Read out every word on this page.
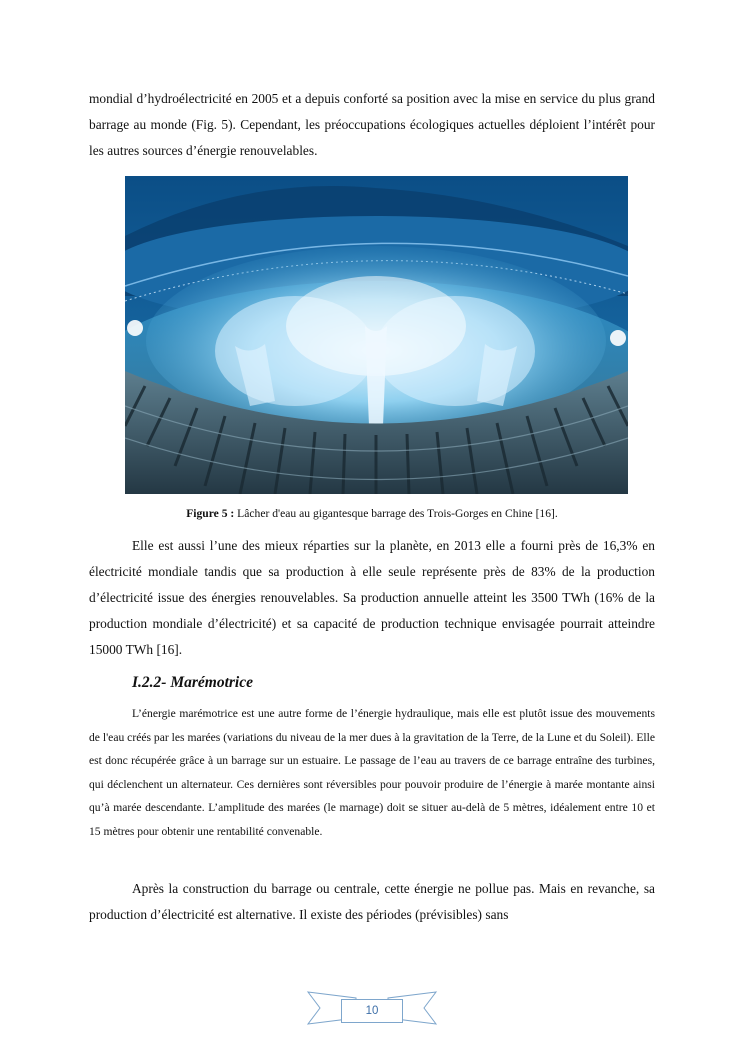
mondial d’hydroélectricité en 2005 et a depuis conforté sa position avec la mise en service du plus grand barrage au monde (Fig. 5). Cependant, les préoccupations écologiques actuelles déploient l’intérêt pour les autres sources d’énergie renouvelables.

Figure 5 : Lâcher d'eau au gigantesque barrage des Trois-Gorges en Chine [16].

Elle est aussi l’une des mieux réparties sur la planète, en 2013 elle a fourni près de 16,3% en électricité mondiale tandis que sa production à elle seule représente près de 83% de la production d’électricité issue des énergies renouvelables. Sa production annuelle atteint les 3500 TWh (16% de la production mondiale d’électricité) et sa capacité de production technique envisagée pourrait atteindre 15000 TWh [16].

I.2.2- Marémotrice

L’énergie marémotrice est une autre forme de l’énergie hydraulique, mais elle est plutôt issue des mouvements de l'eau créés par les marées (variations du niveau de la mer dues à la gravitation de la Terre, de la Lune et du Soleil). Elle est donc récupérée grâce à un barrage sur un estuaire. Le passage de l’eau au travers de ce barrage entraîne des turbines, qui déclenchent un alternateur. Ces dernières sont réversibles pour pouvoir produire de l’énergie à marée montante ainsi qu’à marée descendante. L’amplitude des marées (le marnage) doit se situer au-delà de 5 mètres, idéalement entre 10 et 15 mètres pour obtenir une rentabilité convenable.

Après la construction du barrage ou centrale, cette énergie ne pollue pas. Mais en revanche, sa production d’électricité est alternative. Il existe des périodes (prévisibles) sans

10
